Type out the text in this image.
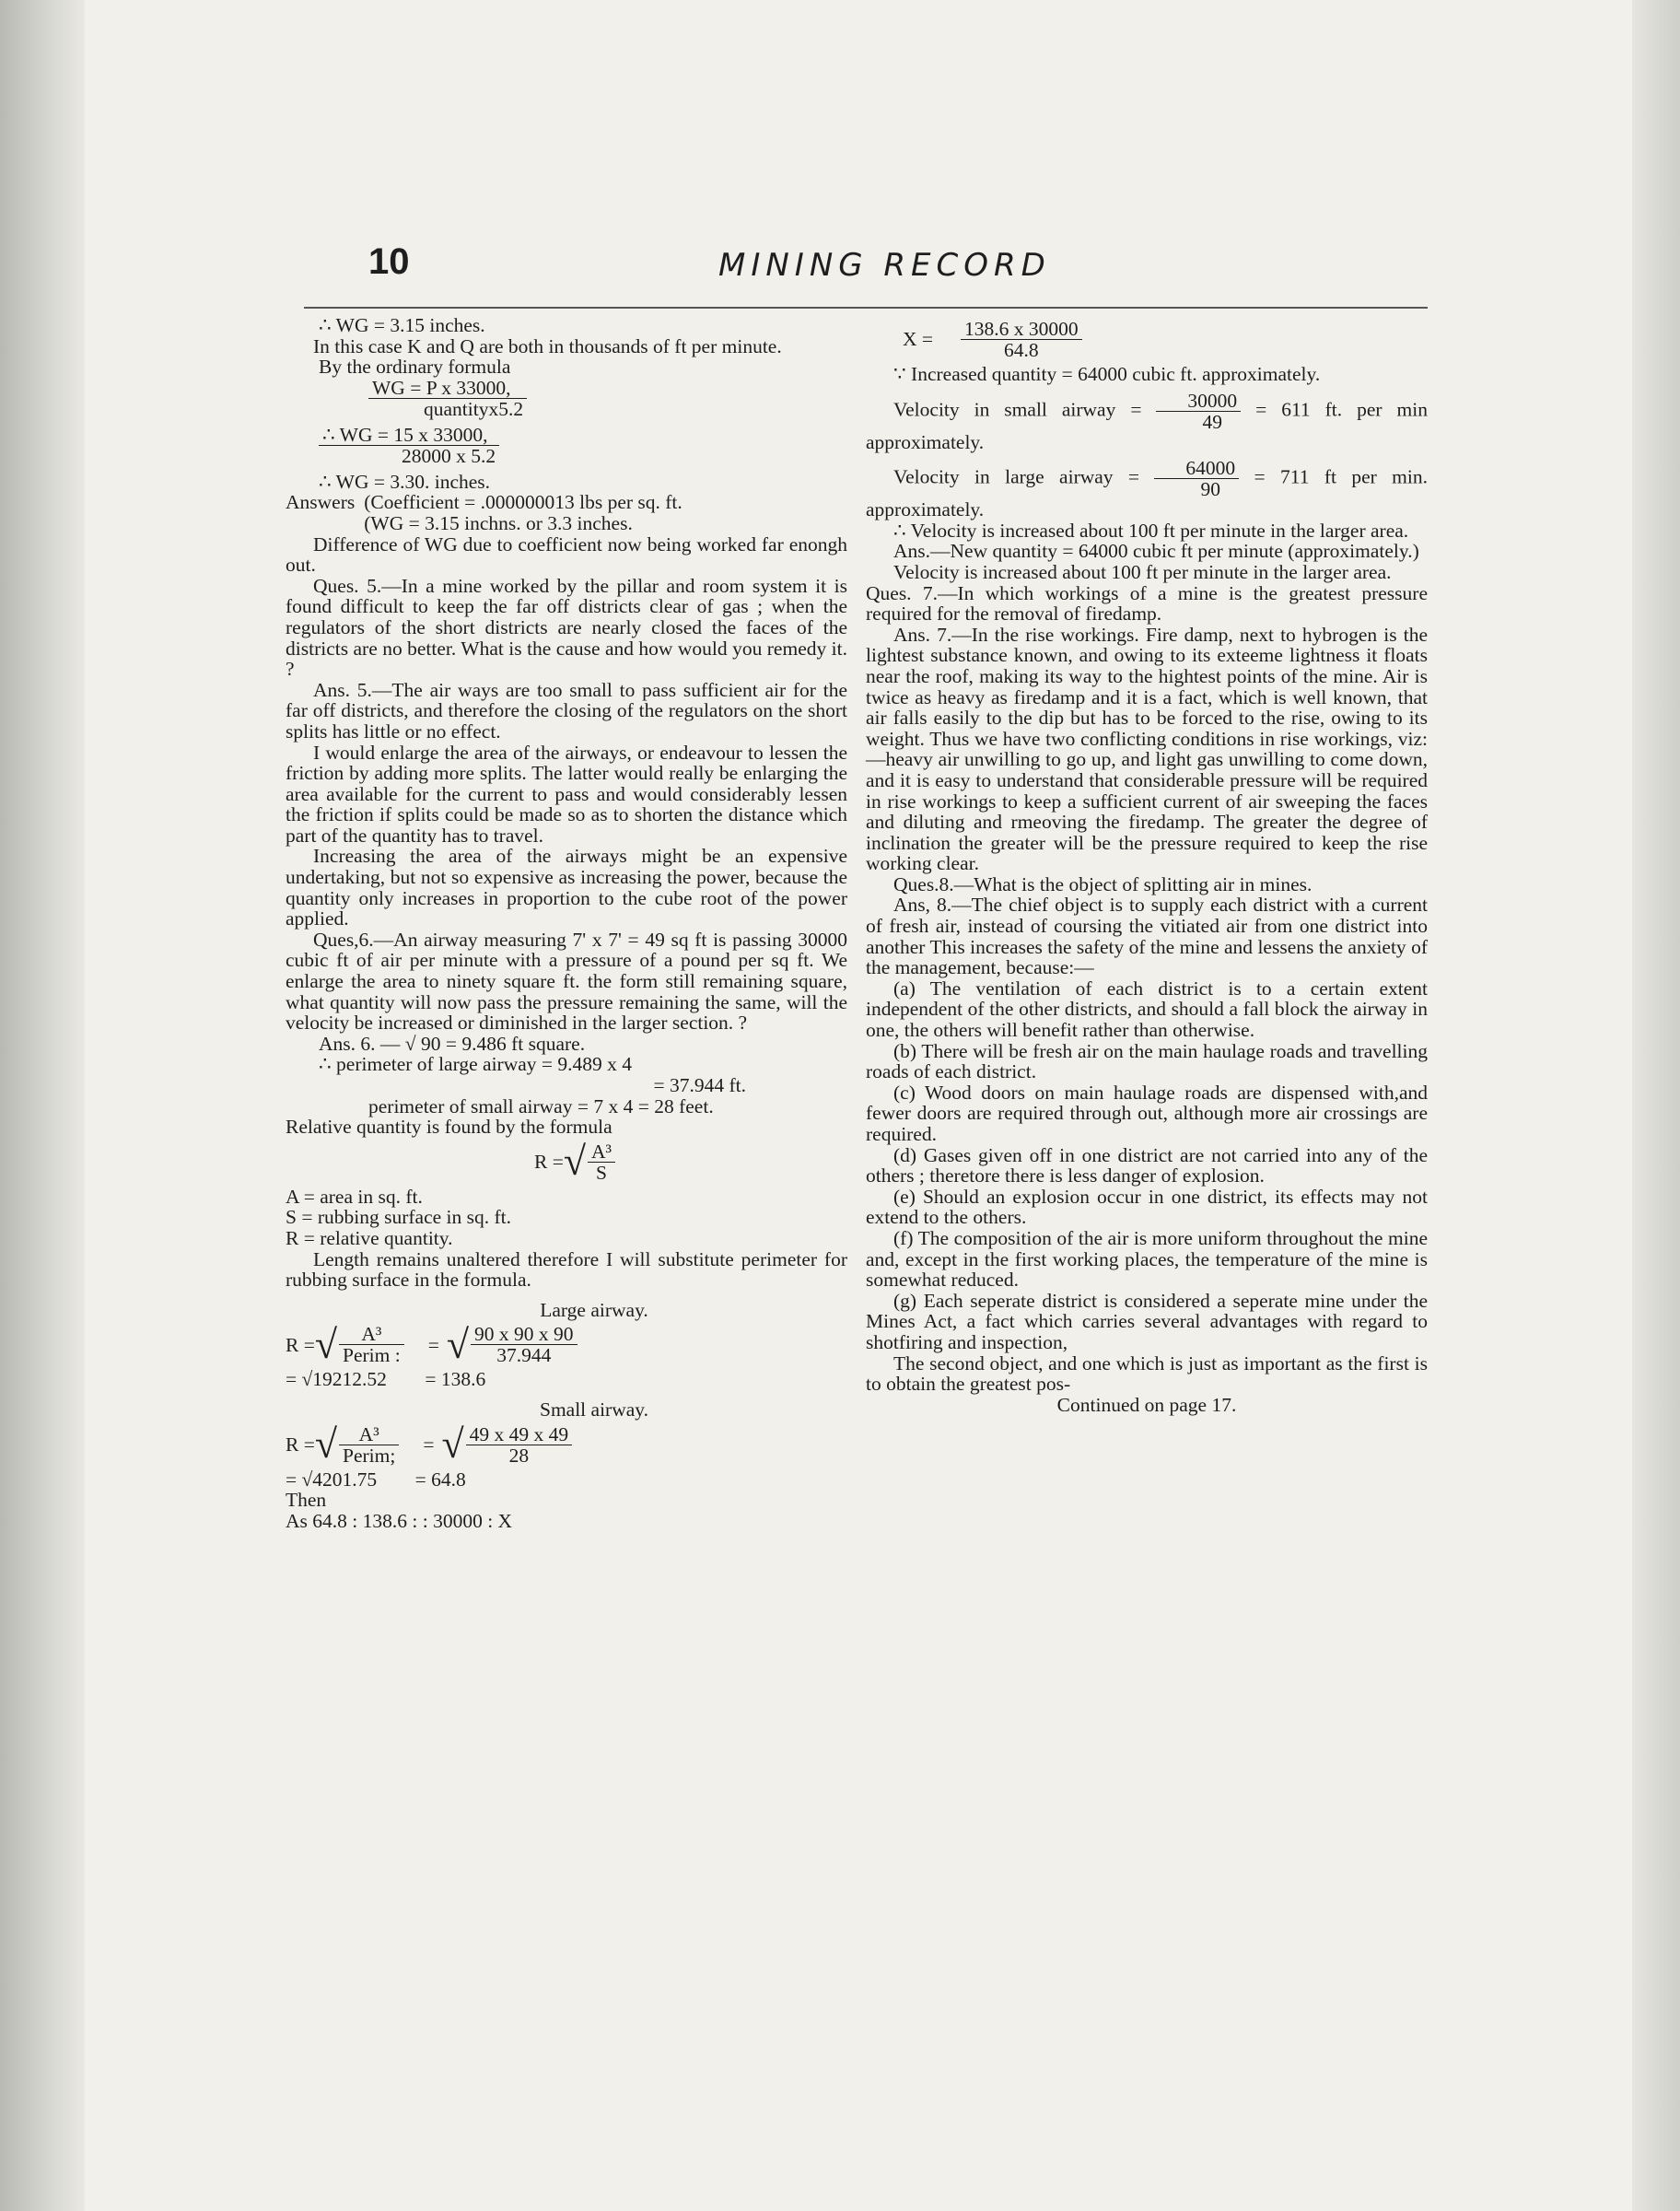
10	MINING RECORD

∴ WG = 3.15 inches.

In this case K and Q are both in thousands of ft per minute.

By the ordinary formula

$\frac{\text{WG = P x 33000,}}{\text{quantityx5.2}}$
$\frac{\therefore WG = 15 x 33000,}{28000 x 5.2}$

∴ WG = 3.30. inches.

Answers (Coefficient = .000000013 lbs per sq. ft.

(WG = 3.15 inchns. or 3.3 inches.

Difference of WG due to coefficient now being worked far enongh out.

Ques. 5.—In a mine worked by the pillar and room system it is found difficult to keep the far off districts clear of gas ; when the regulators of the short districts are nearly closed the faces of the districts are no better. What is the cause and how would you remedy it. ?

Ans. 5.—The air ways are too small to pass sufficient air for the far off districts, and therefore the closing of the regulators on the short splits has little or no effect.

I would enlarge the area of the airways, or endeavour to lessen the friction by adding more splits. The latter would really be enlarging the area available for the current to pass and would considerably lessen the friction if splits could be made so as to shorten the distance which part of the quantity has to travel.

Increasing the area of the airways might be an expensive undertaking, but not so expensive as increasing the power, because the quantity only increases in proportion to the cube root of the power applied.

Ques,6.—An airway measuring 7' x 7' = 49 sq ft is passing 30000 cubic ft of air per minute with a pressure of a pound per sq ft. We enlarge the area to ninety square ft. the form still remaining square, what quantity will now pass the pressure remaining the same, will the velocity be increased or diminished in the larger section. ?

Ans. 6. — √ 90 = 9.486 ft square.

∴ perimeter of large airway = 9.489 x 4

= 37.944 ft.

perimeter of small airway = 7 x 4 = 28 feet.

Relative quantity is found by the formula

R = √ $\frac{\text{A³}}{S}$

A = area in sq. ft.

S = rubbing surface in sq. ft.

R = relative quantity.

Length remains unaltered therefore I will substitute perimeter for rubbing surface in the formula.

Large airway.

R = √ $\frac{\text{A³}}{\text{Perim :}}$ = √ $\frac{90 x 90 x 90}{37.944}$

= √19212.52 = 138.6

Small airway.

R = √ $\frac{\text{A³}}{\text{Perim;}}$ = √ $\frac{49 x 49 x 49}{28}$

= √4201.75 = 64.8

Then

As 64.8 : 138.6 : : 30000 : X

$X = \frac{138.6 x 30000}{64.8}$

∵ Increased quantity = 64000 cubic ft. approximately.

Velocity in small airway = $\frac{30000}{49} = 611$ ft. per min approximately.

Velocity in large airway = $\frac{64000}{90} = 711$ ft per min. approximately.

∴ Velocity is increased about 100 ft per minute in the larger area.

Ans.—New quantity = 64000 cubic ft per minute (approximately.)

Velocity is increased about 100 ft per minute in the larger area.

Ques. 7.—In which workings of a mine is the greatest pressure required for the removal of firedamp.

Ans. 7.—In the rise workings. Fire damp, next to hybrogen is the lightest substance known, and owing to its exteeme lightness it floats near the roof, making its way to the hightest points of the mine. Air is twice as heavy as firedamp and it is a fact, which is well known, that air falls easily to the dip but has to be forced to the rise, owing to its weight. Thus we have two conflicting conditions in rise workings, viz:—heavy air unwilling to go up, and light gas unwilling to come down, and it is easy to understand that considerable pressure will be required in rise workings to keep a sufficient current of air sweeping the faces and diluting and rmeoving the firedamp. The greater the degree of inclination the greater will be the pressure required to keep the rise working clear.

Ques.8.—What is the object of splitting air in mines.

Ans, 8.—The chief object is to supply each district with a current of fresh air, instead of coursing the vitiated air from one district into another This increases the safety of the mine and lessens the anxiety of the management, because:—

(a) The ventilation of each district is to a certain extent independent of the other districts, and should a fall block the airway in one, the others will benefit rather than otherwise.

(b) There will be fresh air on the main haulage roads and travelling roads of each district.

(c) Wood doors on main haulage roads are dispensed with,and fewer doors are required through out, although more air crossings are required.

(d) Gases given off in one district are not carried into any of the others ; theretore there is less danger of explosion.

(e) Should an explosion occur in one district, its effects may not extend to the others.

(f) The composition of the air is more uniform throughout the mine and, except in the first working places, the temperature of the mine is somewhat reduced.

(g) Each seperate district is considered a seperate mine under the Mines Act, a fact which carries several advantages with regard to shotfiring and inspection,

The second object, and one which is just as important as the first is to obtain the greatest pos-

Continued on page 17.
